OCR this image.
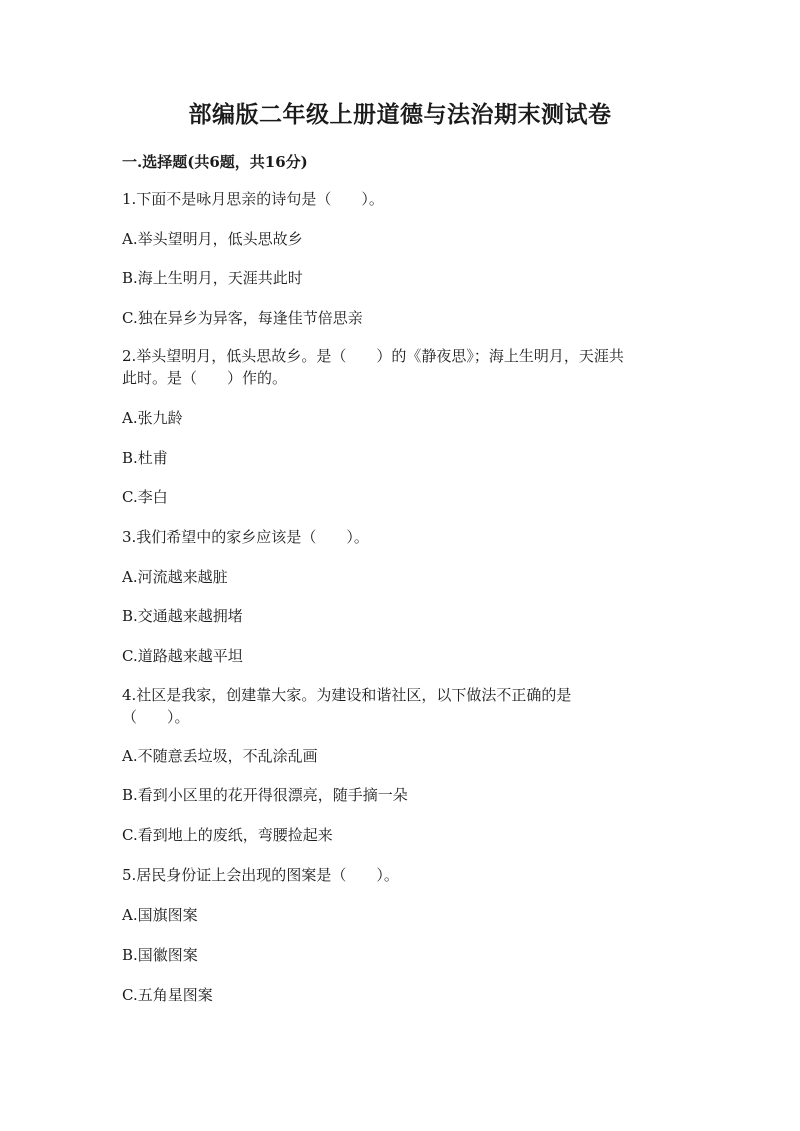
部编版二年级上册道德与法治期末测试卷
一.选择题(共6题，共16分)
1.下面不是咏月思亲的诗句是（　　）。
A.举头望明月，低头思故乡
B.海上生明月，天涯共此时
C.独在异乡为异客，每逢佳节倍思亲
2.举头望明月，低头思故乡。是（　　）的《静夜思》；海上生明月，天涯共
此时。是（　　）作的。
A.张九龄
B.杜甫
C.李白
3.我们希望中的家乡应该是（　　）。
A.河流越来越脏
B.交通越来越拥堵
C.道路越来越平坦
4.社区是我家，创建靠大家。为建设和谐社区，以下做法不正确的是
（　　）。
A.不随意丢垃圾，不乱涂乱画
B.看到小区里的花开得很漂亮，随手摘一朵
C.看到地上的废纸，弯腰捡起来
5.居民身份证上会出现的图案是（　　）。
A.国旗图案
B.国徽图案
C.五角星图案
